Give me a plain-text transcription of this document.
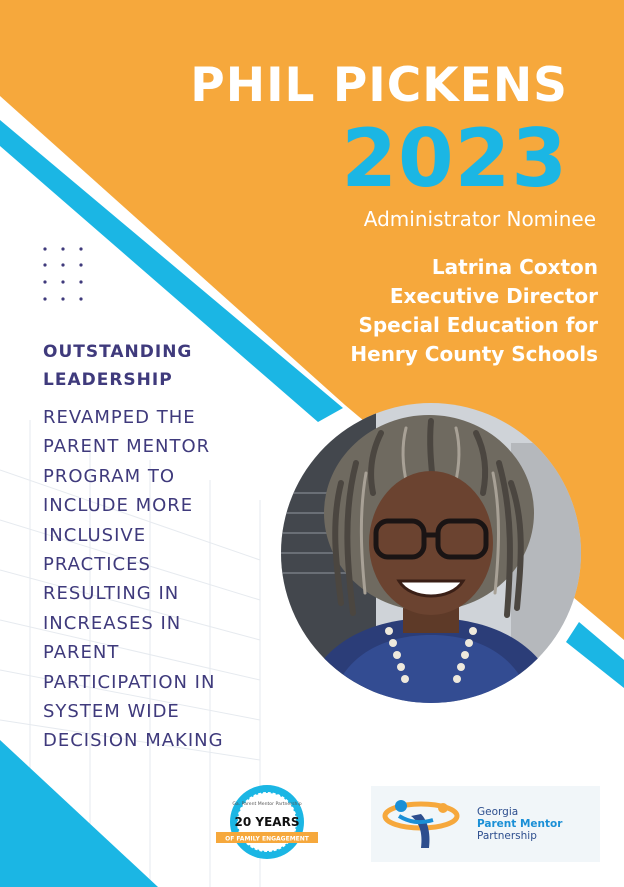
PHIL PICKENS
2023
Administrator Nominee
Latrina Coxton
Executive Director
Special Education for
Henry County Schools
OUTSTANDING
LEADERSHIP
REVAMPED THE
PARENT MENTOR
PROGRAM TO
INCLUDE MORE
INCLUSIVE
PRACTICES
RESULTING IN
INCREASES IN
PARENT
PARTICIPATION IN
SYSTEM WIDE
DECISION MAKING
Ga. Parent Mentor Partnership
20 YEARS
OF FAMILY ENGAGEMENT
Georgia
Parent Mentor
Partnership
